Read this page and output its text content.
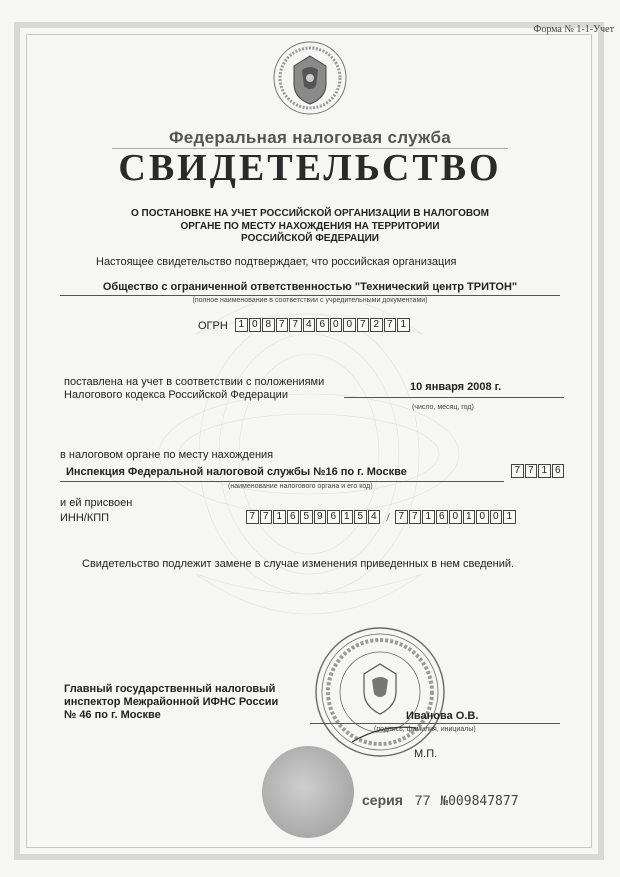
Форма № 1-1-Учет
Федеральная налоговая служба
СВИДЕТЕЛЬСТВО
О ПОСТАНОВКЕ НА УЧЕТ РОССИЙСКОЙ ОРГАНИЗАЦИИ В НАЛОГОВОМ
ОРГАНЕ ПО МЕСТУ НАХОЖДЕНИЯ НА ТЕРРИТОРИИ
РОССИЙСКОЙ ФЕДЕРАЦИИ
Настоящее свидетельство подтверждает, что российская организация
Общество с ограниченной ответственностью "Технический центр ТРИТОН"
(полное наименование в соответствии с учредительными документами)
ОГРН	1 0 8 7 7 4 6 0 0 7 2 7 1
поставлена на учет в соответствии с положениями
Налогового кодекса Российской Федерации
10 января 2008 г.
(число, месяц, год)
в налоговом органе по месту нахождения
Инспекция Федеральной налоговой службы №16 по г. Москве
(наименование налогового органа и его код)
7 7 1 6
и ей присвоен
ИНН/КПП	7 7 1 6 5 9 6 1 5 4 / 7 7 1 6 0 1 0 0 1
Свидетельство подлежит замене в случае изменения приведенных в нем сведений.
Главный государственный налоговый
инспектор Межрайонной ИФНС России
№ 46 по г. Москве	Иванова О.В.
(подпись, фамилия, инициалы)
М.П.
серия 77 №009847877
